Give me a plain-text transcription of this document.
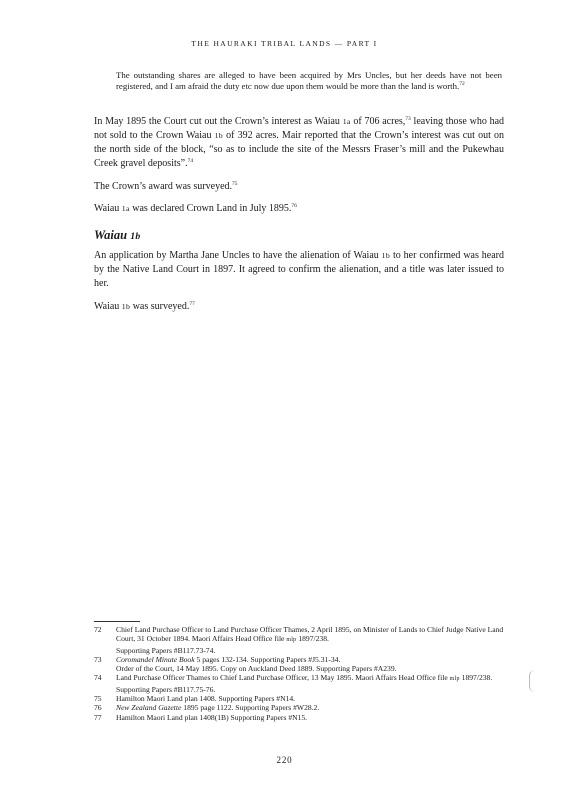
THE HAURAKI TRIBAL LANDS — PART I
The outstanding shares are alleged to have been acquired by Mrs Uncles, but her deeds have not been registered, and I am afraid the duty etc now due upon them would be more than the land is worth.$^{72}$
In May 1895 the Court cut out the Crown’s interest as Waiau 1a of 706 acres,$^{73}$ leaving those who had not sold to the Crown Waiau 1b of 392 acres. Mair reported that the Crown’s interest was cut out on the north side of the block, “so as to include the site of the Messrs Fraser’s mill and the Pukewhau Creek gravel deposits”.$^{74}$
The Crown’s award was surveyed.$^{75}$
Waiau 1a was declared Crown Land in July 1895.76
Waiau 1b
An application by Martha Jane Uncles to have the alienation of Waiau 1b to her confirmed was heard by the Native Land Court in 1897. It agreed to confirm the alienation, and a title was later issued to her.
Waiau 1b was surveyed.$^{77}$
72	Chief Land Purchase Officer to Land Purchase Officer Thames, 2 April 1895, on Minister of Lands to Chief Judge Native Land Court, 31 October 1894. Maori Affairs Head Office file mlp 1897/238.
Supporting Papers #B117.73-74.
73	Coromandel Minute Book 5 pages 132-134. Supporting Papers #J5.31-34.
Order of the Court, 14 May 1895. Copy on Auckland Deed 1889. Supporting Papers #A239.
74	Land Purchase Officer Thames to Chief Land Purchase Officer, 13 May 1895. Maori Affairs Head Office file mlp 1897/238. Supporting Papers #B117.75-76.
75	Hamilton Maori Land plan 1408. Supporting Papers #N14.
76	New Zealand Gazette 1895 page 1122. Supporting Papers #W28.2.
77	Hamilton Maori Land plan 1408(1B) Supporting Papers #N15.
220
